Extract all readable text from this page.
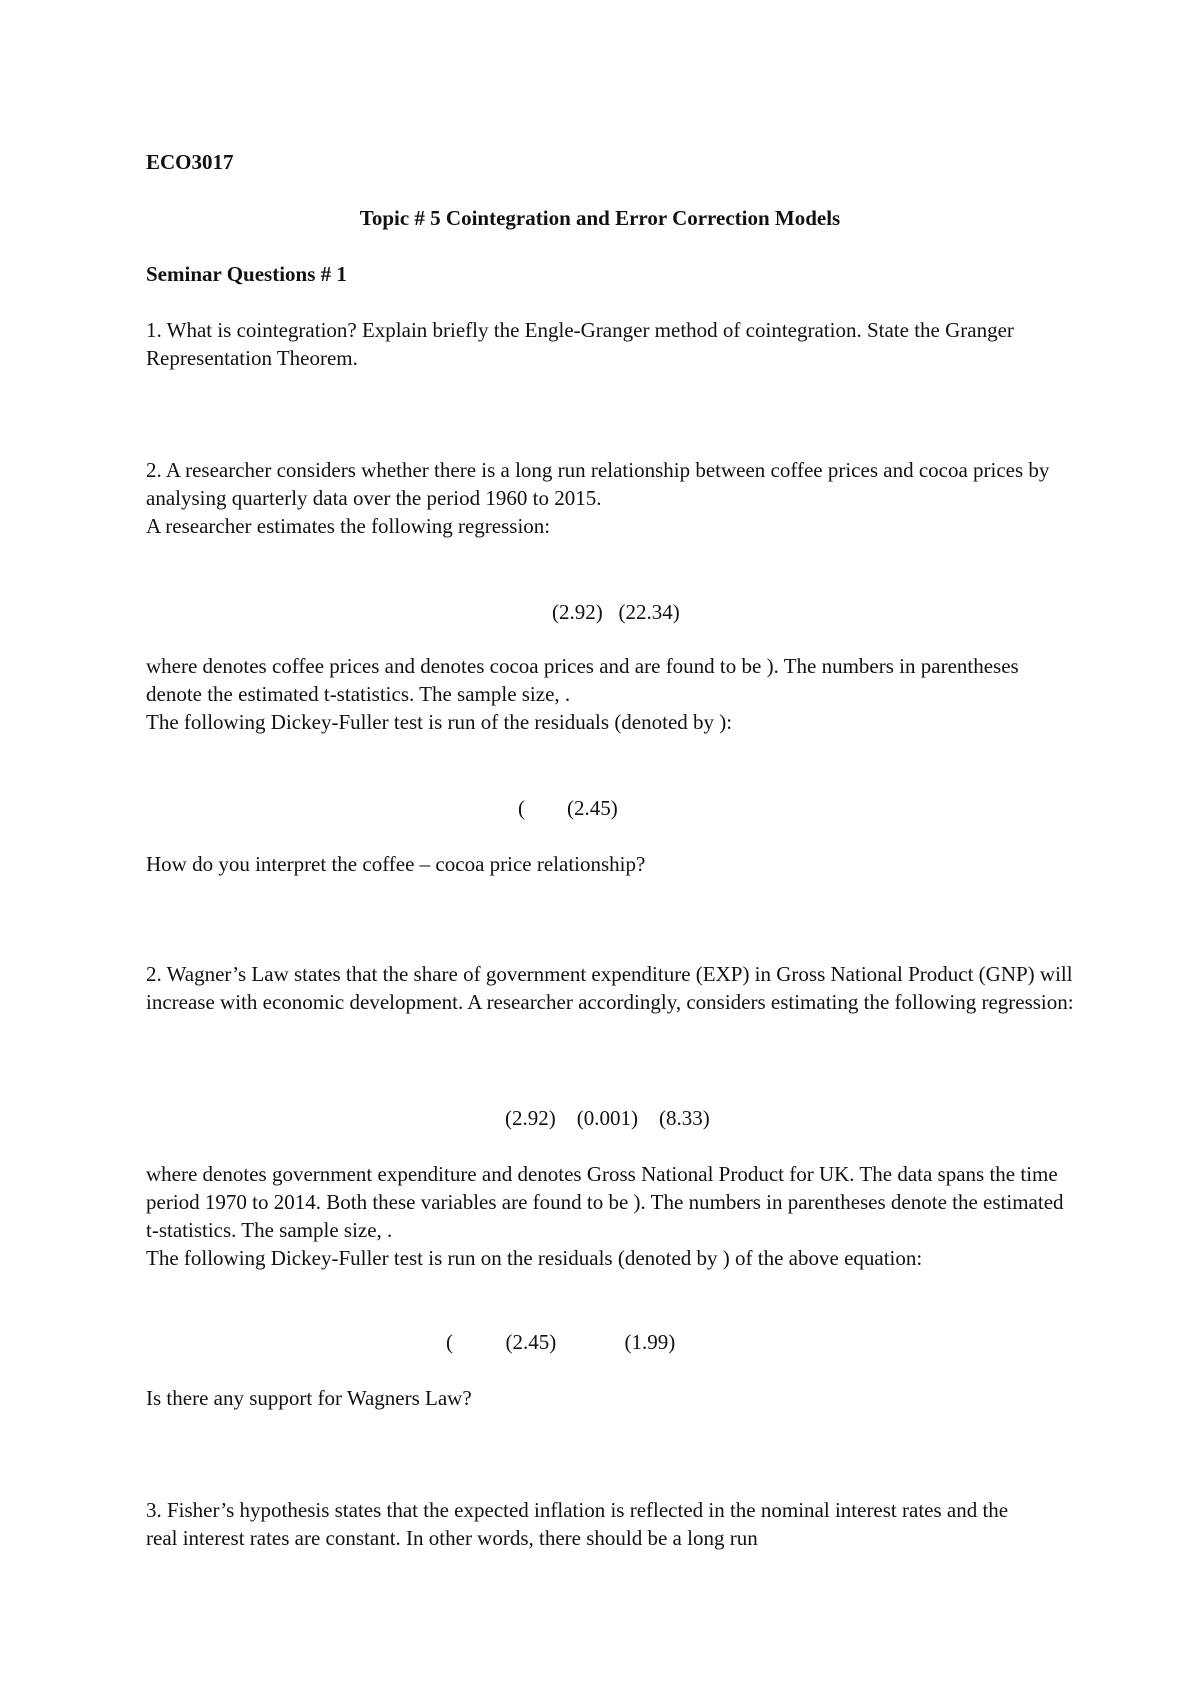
ECO3017

Topic # 5 Cointegration and Error Correction Models

Seminar Questions # 1

1. What is cointegration? Explain briefly the Engle-Granger method of cointegration. State the Granger Representation Theorem.

2. A researcher considers whether there is a long run relationship between coffee prices and cocoa prices by analysing quarterly data over the period 1960 to 2015.

A researcher estimates the following regression:

(2.92)   (22.34)

where denotes coffee prices and denotes cocoa prices and are found to be ). The numbers in parentheses denote the estimated t-statistics. The sample size, .

The following Dickey-Fuller test is run of the residuals (denoted by ):

(        (2.45)

How do you interpret the coffee – cocoa price relationship?

2. Wagner’s Law states that the share of government expenditure (EXP) in Gross National Product (GNP) will increase with economic development. A researcher accordingly, considers estimating the following regression:

(2.92)    (0.001)    (8.33)

where denotes government expenditure and denotes Gross National Product for UK. The data spans the time period 1970 to 2014. Both these variables are found to be ). The numbers in parentheses denote the estimated t-statistics. The sample size, .

The following Dickey-Fuller test is run on the residuals (denoted by ) of the above equation:

(          (2.45)             (1.99)

Is there any support for Wagners Law?

3. Fisher’s hypothesis states that the expected inflation is reflected in the nominal interest rates and the real interest rates are constant. In other words, there should be a long run
